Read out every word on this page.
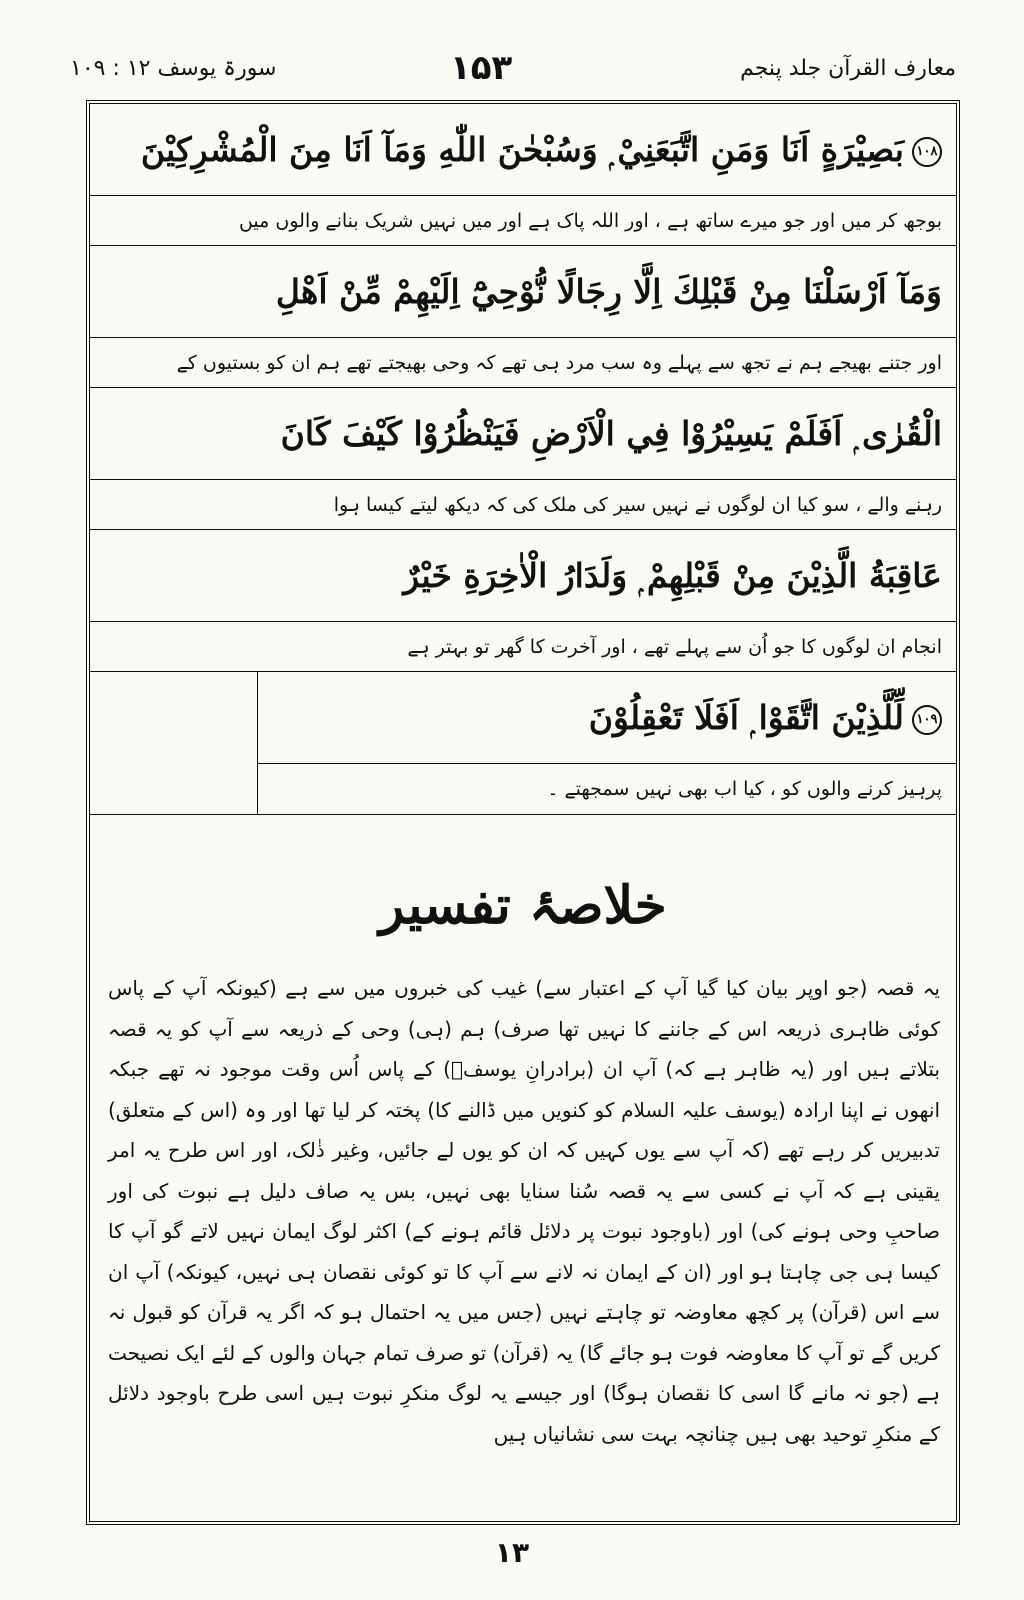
معارف القرآن جلد پنجم
۱۵۳
سورۃ یوسف ۱۲ : ۱۰۹
۱۰۸بَصِيْرَةٍ اَنَا وَمَنِ اتَّبَعَنِيْ ۭ وَسُبْحٰنَ اللّٰهِ وَمَآ اَنَا مِنَ الْمُشْرِكِيْنَ
بوجھ کر میں اور جو میرے ساتھ ہے ، اور اللہ پاک ہے اور میں نہیں شریک بنانے والوں میں
وَمَآ اَرْسَلْنَا مِنْ قَبْلِكَ اِلَّا رِجَالًا نُّوْحِيْٓ اِلَيْهِمْ مِّنْ اَهْلِ
اور جتنے بھیجے ہم نے تجھ سے پہلے وہ سب مرد ہی تھے کہ وحی بھیجتے تھے ہم ان کو بستیوں کے
الْقُرٰى ۭ اَفَلَمْ يَسِيْرُوْا فِي الْاَرْضِ فَيَنْظُرُوْا كَيْفَ كَانَ
رہنے والے ، سو کیا ان لوگوں نے نہیں سیر کی ملک کی کہ دیکھ لیتے کیسا ہوا
عَاقِبَةُ الَّذِيْنَ مِنْ قَبْلِهِمْ ۭ وَلَدَارُ الْاٰخِرَةِ خَيْرٌ
انجام ان لوگوں کا جو اُن سے پہلے تھے ، اور آخرت کا گھر تو بہتر ہے
۱۰۹لِّلَّذِيْنَ اتَّقَوْا ۭ اَفَلَا تَعْقِلُوْنَ
پرہیز کرنے والوں کو ، کیا اب بھی نہیں سمجھتے ۔
خلاصۂ تفسیر

یہ قصہ (جو اوپر بیان کیا گیا آپ کے اعتبار سے) غیب کی خبروں میں سے ہے (کیونکہ آپ کے پاس کوئی ظاہری ذریعہ اس کے جاننے کا نہیں تھا صرف) ہم (ہی) وحی کے ذریعہ سے آپ کو یہ قصہ بتلاتے ہیں اور (یہ ظاہر ہے کہ) آپ ان (برادرانِ یوسفؑ) کے پاس اُس وقت موجود نہ تھے جبکہ انھوں نے اپنا ارادہ (یوسف علیہ السلام کو کنویں میں ڈالنے کا) پختہ کر لیا تھا اور وہ (اس کے متعلق) تدبیریں کر رہے تھے (کہ آپ سے یوں کہیں کہ ان کو یوں لے جائیں، وغیر ذٰلک، اور اس طرح یہ امر یقینی ہے کہ آپ نے کسی سے یہ قصہ سُنا سنایا بھی نہیں، بس یہ صاف دلیل ہے نبوت کی اور صاحبِ وحی ہونے کی) اور (باوجود نبوت پر دلائل قائم ہونے کے) اکثر لوگ ایمان نہیں لاتے گو آپ کا کیسا ہی جی چاہتا ہو اور (ان کے ایمان نہ لانے سے آپ کا تو کوئی نقصان ہی نہیں، کیونکہ) آپ ان سے اس (قرآن) پر کچھ معاوضہ تو چاہتے نہیں (جس میں یہ احتمال ہو کہ اگر یہ قرآن کو قبول نہ کریں گے تو آپ کا معاوضہ فوت ہو جائے گا) یہ (قرآن) تو صرف تمام جہان والوں کے لئے ایک نصیحت ہے (جو نہ مانے گا اسی کا نقصان ہوگا) اور جیسے یہ لوگ منکرِ نبوت ہیں اسی طرح باوجود دلائل کے منکرِ توحید بھی ہیں چنانچہ بہت سی نشانیاں ہیں

۱۳
